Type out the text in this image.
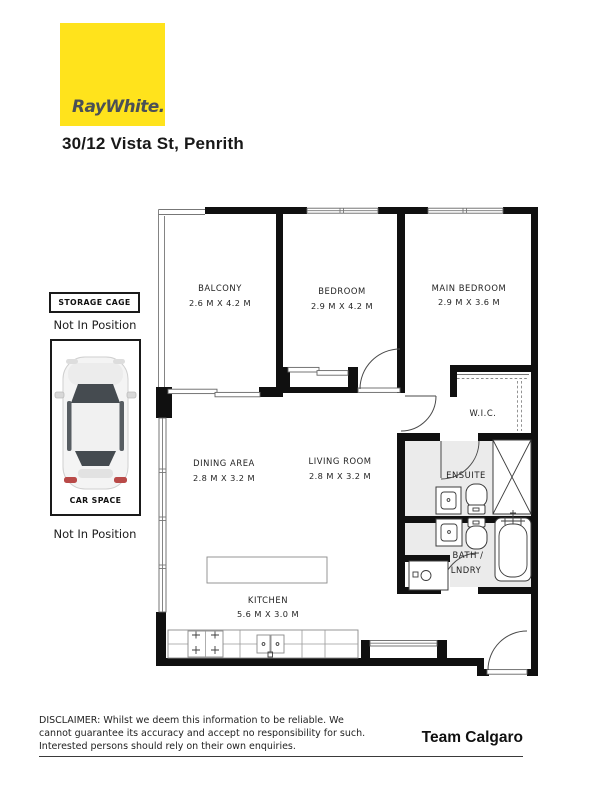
RayWhite.
30/12 Vista St, Penrith
STORAGE CAGE
Not In Position
CAR SPACE
Not In Position
BALCONY
2.6 M X 4.2 M
BEDROOM
2.9 M X 4.2 M
MAIN BEDROOM
2.9 M X 3.6 M
W.I.C.
DINING AREA
2.8 M X 3.2 M
LIVING ROOM
2.8 M X 3.2 M	ENSUITE
BATH /
LNDRY
KITCHEN
5.6 M X 3.0 M
DISCLAIMER: Whilst we deem this information to be reliable. We
cannot guarantee its accuracy and accept no responsibility for such.
Interested persons should rely on their own enquiries.
Team Calgaro
